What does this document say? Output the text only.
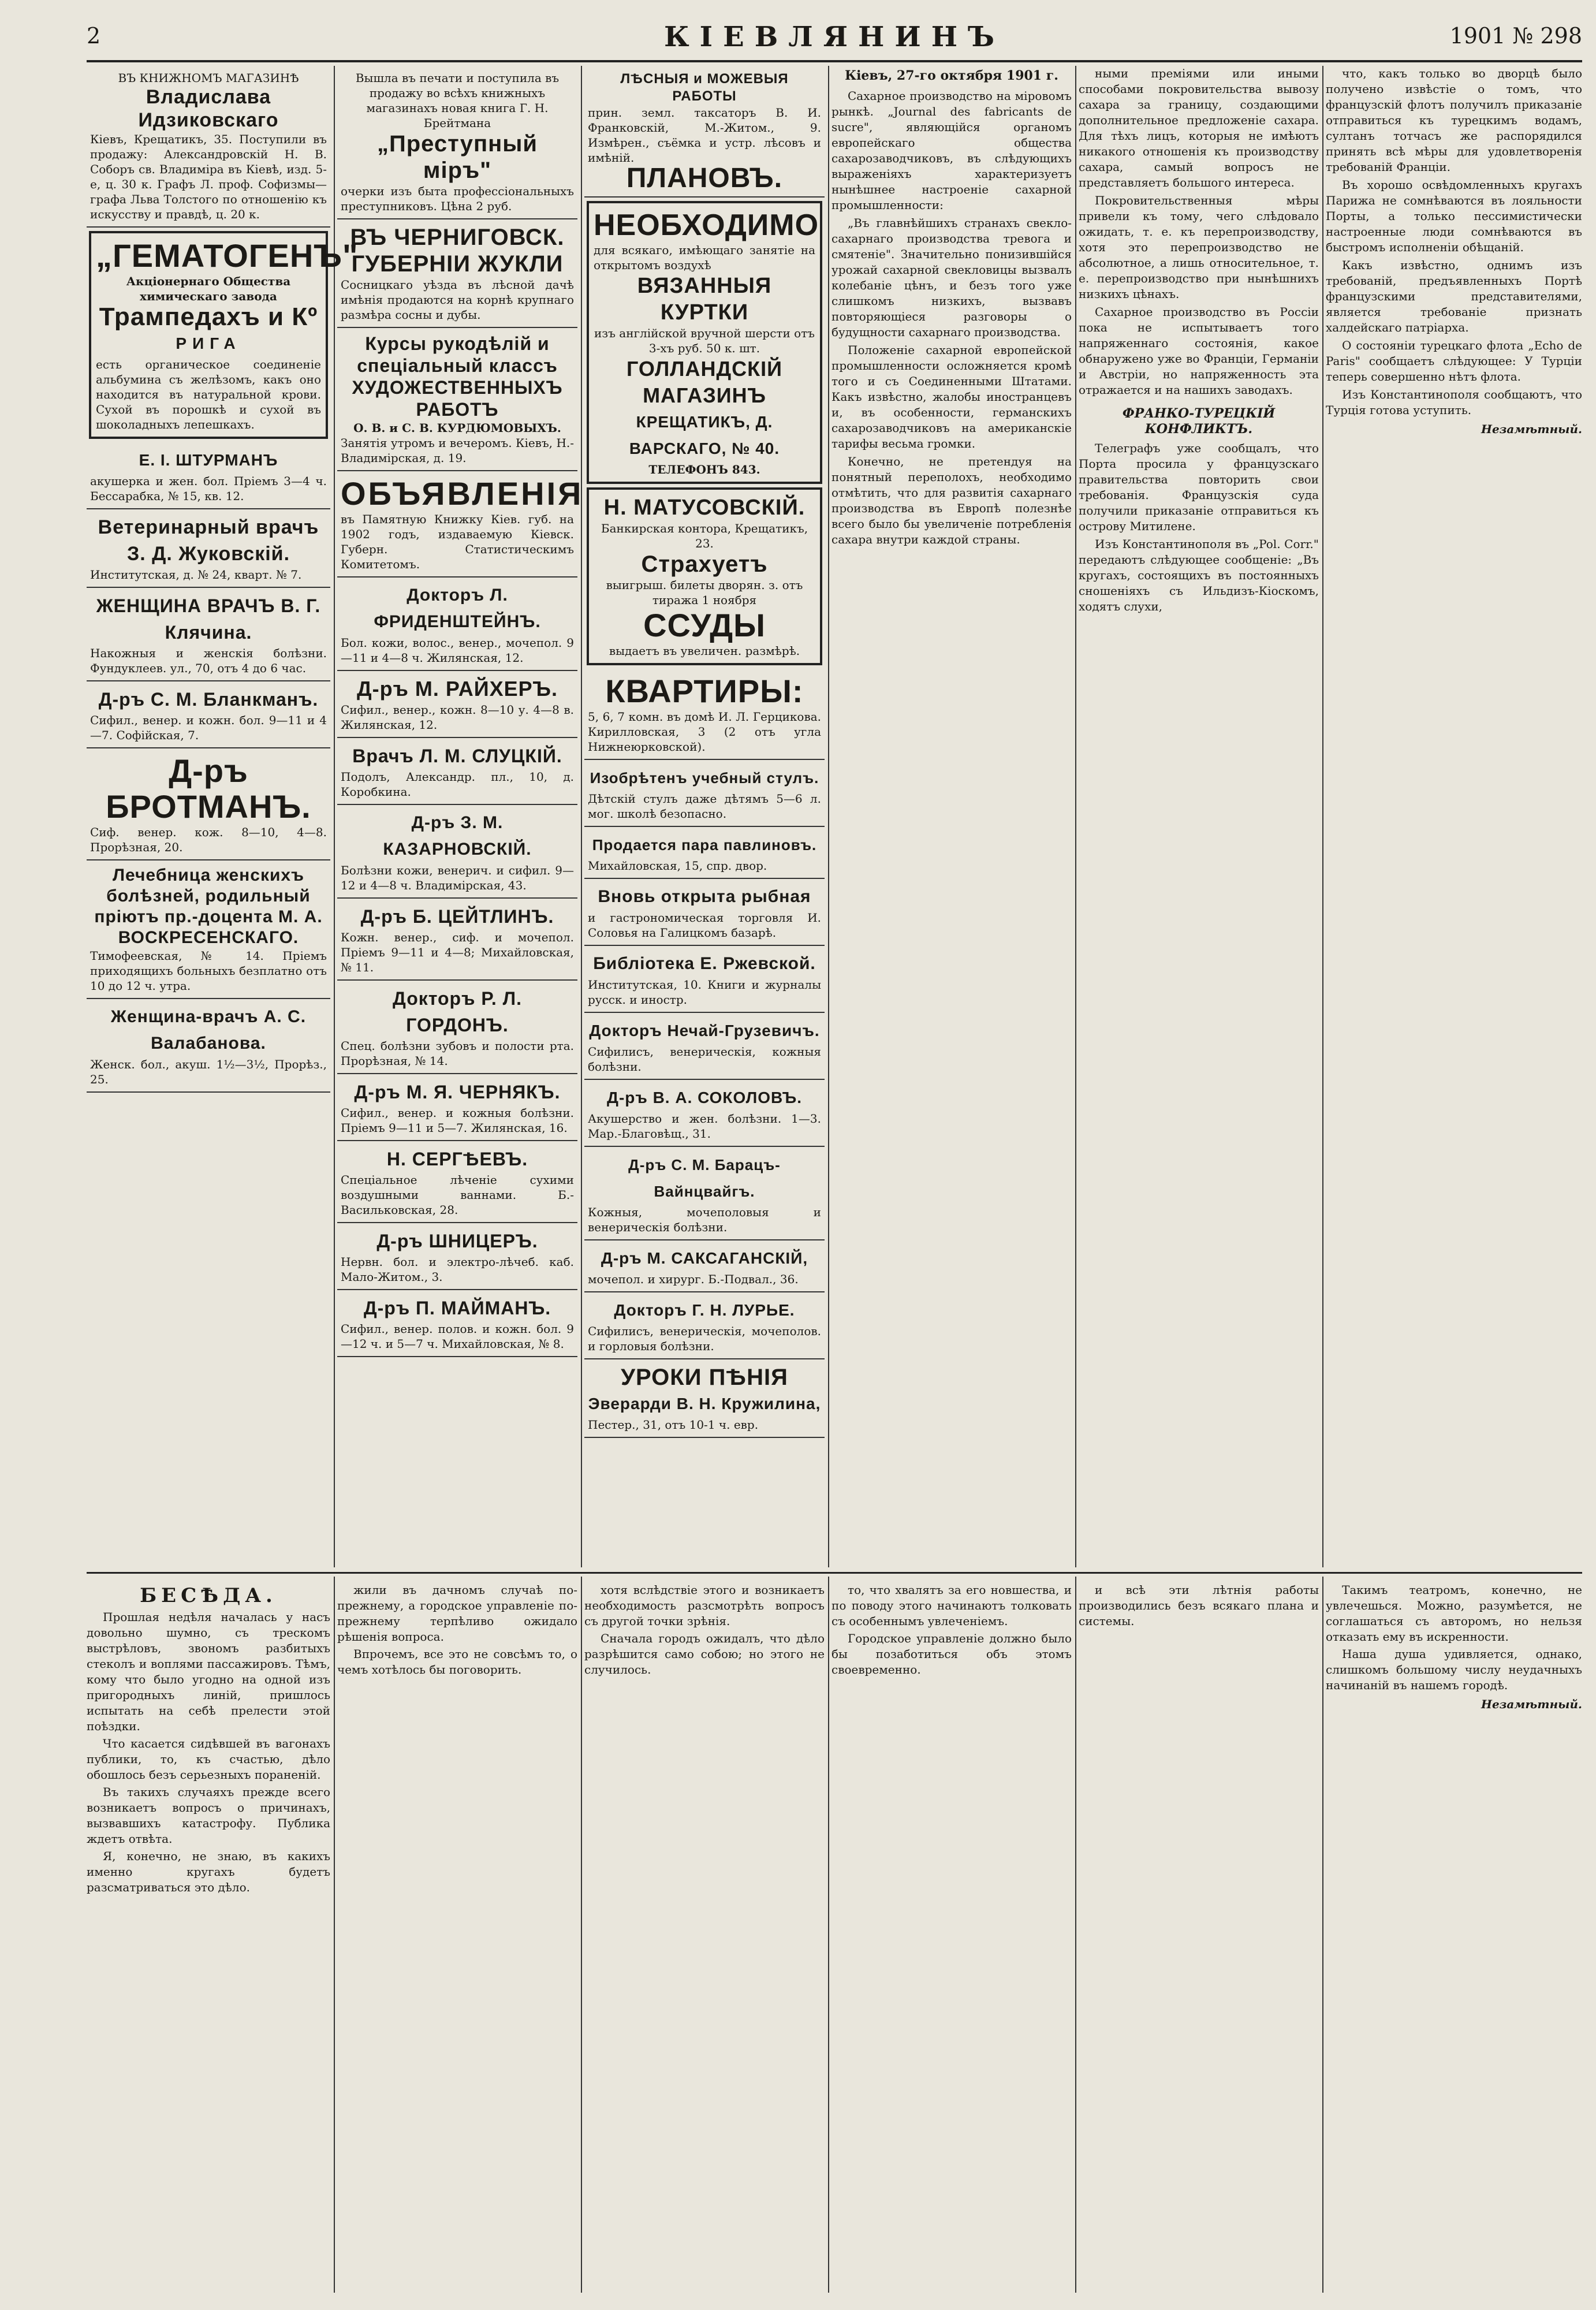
2	КІЕВЛЯНИНЪ	1901 № 298
ВЪ КНИЖНОМЪ МАГАЗИНѢ
Владислава Идзиковскаго
Кіевъ, Крещатикъ, 35. Поступили въ продажу: Александровскій Н. В. Соборъ св. Владиміра въ Кіевѣ, изд. 5-е, ц. 30 к. Графъ Л. проф. Софизмы—графа Льва Толстого по отношенію къ искусству и правдѣ, ц. 20 к.
„ГЕМАТОГЕНЪ"
Акціонернаго Общества химическаго завода
Трампедахъ и Кº
РИГА
есть органическое соединеніе альбумина съ желѣзомъ, какъ оно находится въ натуральной крови. Сухой въ порошкѣ и сухой въ шоколадныхъ лепешкахъ.
Е. І. ШТУРМАНЪ
акушерка и жен. бол. Пріемъ 3—4 ч. Бессарабка, № 15, кв. 12.
Ветеринарный врачъ З. Д. Жуковскій.
Институтская, д. № 24, кварт. № 7.
ЖЕНЩИНА ВРАЧЪ В. Г. Клячина.
Накожныя и женскія болѣзни. Фундуклеев. ул., 70, отъ 4 до 6 час.
Д-ръ С. М. Бланкманъ.
Сифил., венер. и кожн. бол. 9—11 и 4—7. Софійская, 7.
Д-ръ БРОТМАНЪ.
Сиф. венер. кож. 8—10, 4—8. Прорѣзная, 20.
Лечебница женскихъ болѣзней, родильный пріютъ пр.-доцента М. А. ВОСКРЕСЕНСКАГО.
Тимофеевская, № 14. Пріемъ приходящихъ больныхъ безплатно отъ 10 до 12 ч. утра.
Женщина-врачъ А. С. Валабанова.
Женск. бол., акуш. 1½—3½, Прорѣз., 25.
Вышла въ печати и поступила въ продажу во всѣхъ книжныхъ магазинахъ новая книга Г. Н. Брейтмана
„Преступный міръ"
очерки изъ быта профессіональныхъ преступниковъ. Цѣна 2 руб.
ВЪ ЧЕРНИГОВСК. ГУБЕРНІИ ЖУКЛИ
Сосницкаго уѣзда въ лѣсной дачѣ имѣнія продаются на корнѣ крупнаго размѣра сосны и дубы.
Курсы рукодѣлій и спеціальный классъ ХУДОЖЕСТВЕННЫХЪ РАБОТЪ
О. В. и С. В. КУРДЮМОВЫХЪ.
Занятія утромъ и вечеромъ. Кіевъ, Н.-Владимірская, д. 19.
ОБЪЯВЛЕНІЯ
въ Памятную Книжку Кіев. губ. на 1902 годъ, издаваемую Кіевск. Губерн. Статистическимъ Комитетомъ.
Докторъ Л. ФРИДЕНШТЕЙНЪ.
Бол. кожи, волос., венер., мочепол. 9—11 и 4—8 ч. Жилянская, 12.
Д-ръ М. РАЙХЕРЪ.
Сифил., венер., кожн. 8—10 у. 4—8 в. Жилянская, 12.
Врачъ Л. М. СЛУЦКІЙ.
Подолъ, Александр. пл., 10, д. Коробкина.
Д-ръ З. М. КАЗАРНОВСКІЙ.
Болѣзни кожи, венерич. и сифил. 9—12 и 4—8 ч. Владимірская, 43.
Д-ръ Б. ЦЕЙТЛИНЪ.
Кожн. венер., сиф. и мочепол. Пріемъ 9—11 и 4—8; Михайловская, № 11.
Докторъ Р. Л. ГОРДОНЪ.
Спец. болѣзни зубовъ и полости рта. Прорѣзная, № 14.
Д-ръ М. Я. ЧЕРНЯКЪ.
Сифил., венер. и кожныя болѣзни. Пріемъ 9—11 и 5—7. Жилянская, 16.
Н. СЕРГѢЕВЪ.
Спеціальное лѣченіе сухими воздушными ваннами. Б.-Васильковская, 28.
Д-ръ ШНИЦЕРЪ.
Нервн. бол. и электро-лѣчеб. каб. Мало-Житом., 3.
Д-ръ П. МАЙМАНЪ.
Сифил., венер. полов. и кожн. бол. 9—12 ч. и 5—7 ч. Михайловская, № 8.
ЛѢСНЫЯ и МОЖЕВЫЯ РАБОТЫ
прин. земл. таксаторъ В. И. Франковскій, М.-Житом., 9. Измѣрен., съёмка и устр. лѣсовъ и имѣній.
ПЛАНОВЪ.
НЕОБХОДИМО
для всякаго, имѣющаго занятіе на открытомъ воздухѣ
ВЯЗАННЫЯ КУРТКИ
изъ англійской вручной шерсти отъ 3-хъ руб. 50 к. шт.
ГОЛЛАНДСКІЙ МАГАЗИНЪ
КРЕЩАТИКЪ, Д. ВАРСКАГО, № 40.
ТЕЛЕФОНЪ 843.
Н. МАТУСОВСКІЙ.
Банкирская контора, Крещатикъ, 23.
Страхуетъ
выигрыш. билеты дворян. з. отъ тиража 1 ноября
ССУДЫ
выдаетъ въ увеличен. размѣрѣ.
КВАРТИРЫ:
5, 6, 7 комн. въ домѣ И. Л. Герцикова. Кирилловская, 3 (2 отъ угла Нижнеюрковской).
Изобрѣтенъ учебный стулъ.
Дѣтскій стулъ даже дѣтямъ 5—6 л. мог. школѣ безопасно.
Продается пара павлиновъ.
Михайловская, 15, спр. двор.
Вновь открыта рыбная
и гастрономическая торговля И. Соловья на Галицкомъ базарѣ.
Библіотека Е. Ржевской.
Институтская, 10. Книги и журналы русск. и иностр.
Докторъ Нечай-Грузевичъ.
Сифилисъ, венерическія, кожныя болѣзни.
Д-ръ В. А. СОКОЛОВЪ.
Акушерство и жен. болѣзни. 1—3. Мар.-Благовѣщ., 31.
Д-ръ С. М. Барацъ-Вайнцвайгъ.
Кожныя, мочеполовыя и венерическія болѣзни.
Д-ръ М. САКСАГАНСКІЙ,
мочепол. и хирург. Б.-Подвал., 36.
Докторъ Г. Н. ЛУРЬЕ.
Сифилисъ, венерическія, мочеполов. и горловыя болѣзни.
УРОКИ ПѢНІЯ
Эверарди В. Н. Кружилина,
Пестер., 31, отъ 10-1 ч. евр.
Кіевъ, 27-го октября 1901 г.

Сахарное производство на міровомъ рынкѣ. „Journal des fabricants de sucre", являющійся органомъ европейскаго общества сахарозаводчиковъ, въ слѣдующихъ выраженіяхъ характеризуетъ нынѣшнее настроеніе сахарной промышленности:

„Въ главнѣйшихъ странахъ свекло-сахарнаго производства тревога и смятеніе". Значительно понизившійся урожай сахарной свекловицы вызвалъ колебаніе цѣнъ, и безъ того уже слишкомъ низкихъ, вызвавъ повторяющіеся разговоры о будущности сахарнаго производства.

Положеніе сахарной европейской промышленности осложняется кромѣ того и съ Соединенными Штатами. Какъ извѣстно, жалобы иностранцевъ и, въ особенности, германскихъ сахарозаводчиковъ на американскіе тарифы весьма громки.

Конечно, не претендуя на понятный переполохъ, необходимо отмѣтить, что для развитія сахарнаго производства въ Европѣ полезнѣе всего было бы увеличеніе потребленія сахара внутри каждой страны.

ными преміями или иными способами покровительства вывозу сахара за границу, создающими дополнительное предложеніе сахара. Для тѣхъ лицъ, которыя не имѣютъ никакого отношенія къ производству сахара, самый вопросъ не представляетъ большого интереса.

Покровительственныя мѣры привели къ тому, чего слѣдовало ожидать, т. е. къ перепроизводству, хотя это перепроизводство не абсолютное, а лишь относительное, т. е. перепроизводство при нынѣшнихъ низкихъ цѣнахъ.

Сахарное производство въ Россіи пока не испытываетъ того напряженнаго состоянія, какое обнаружено уже во Франціи, Германіи и Австріи, но напряженность эта отражается и на нашихъ заводахъ.

ФРАНКО-ТУРЕЦКІЙ КОНФЛИКТЪ.

Телеграфъ уже сообщалъ, что Порта просила у французскаго правительства повторить свои требованія. Французскія суда получили приказаніе отправиться къ острову Митилене.

Изъ Константинополя въ „Pol. Corr." передаютъ слѣдующее сообщеніе: „Въ кругахъ, состоящихъ въ постоянныхъ сношеніяхъ съ Ильдизъ-Кіоскомъ, ходятъ слухи,

что, какъ только во дворцѣ было получено извѣстіе о томъ, что французскій флотъ получилъ приказаніе отправиться къ турецкимъ водамъ, султанъ тотчасъ же распорядился принять всѣ мѣры для удовлетворенія требованій Франціи.

Въ хорошо освѣдомленныхъ кругахъ Парижа не сомнѣваются въ лояльности Порты, а только пессимистически настроенные люди сомнѣваются въ быстромъ исполненіи обѣщаній.

Какъ извѣстно, однимъ изъ требованій, предъявленныхъ Портѣ французскими представителями, является требованіе признать халдейскаго патріарха.

О состояніи турецкаго флота „Echo de Paris" сообщаетъ слѣдующее: У Турціи теперь совершенно нѣтъ флота.

Изъ Константинополя сообщаютъ, что Турція готова уступить.

Незамѣтный.
БЕСѢДА.

Прошлая недѣля началась у насъ довольно шумно, съ трескомъ выстрѣловъ, звономъ разбитыхъ стеколъ и воплями пассажировъ. Тѣмъ, кому что было угодно на одной изъ пригородныхъ линій, пришлось испытать на себѣ прелести этой поѣздки.

Что касается сидѣвшей въ вагонахъ публики, то, къ счастью, дѣло обошлось безъ серьезныхъ пораненій.

Въ такихъ случаяхъ прежде всего возникаетъ вопросъ о причинахъ, вызвавшихъ катастрофу. Публика ждетъ отвѣта.

Я, конечно, не знаю, въ какихъ именно кругахъ будетъ разсматриваться это дѣло.

жили въ дачномъ случаѣ по-прежнему, а городское управленіе по-прежнему терпѣливо ожидало рѣшенія вопроса.

Впрочемъ, все это не совсѣмъ то, о чемъ хотѣлось бы поговорить.

хотя вслѣдствіе этого и возникаетъ необходимость разсмотрѣть вопросъ съ другой точки зрѣнія.

Сначала городъ ожидалъ, что дѣло разрѣшится само собою; но этого не случилось.

то, что хвалятъ за его новшества, и по поводу этого начинаютъ толковать съ особеннымъ увлеченіемъ.

Городское управленіе должно было бы позаботиться объ этомъ своевременно.

и всѣ эти лѣтнія работы производились безъ всякаго плана и системы.

Такимъ театромъ, конечно, не увлечешься. Можно, разумѣется, не соглашаться съ авторомъ, но нельзя отказать ему въ искренности.

Наша душа удивляется, однако, слишкомъ большому числу неудачныхъ начинаній въ нашемъ городѣ.

Незамѣтный.
